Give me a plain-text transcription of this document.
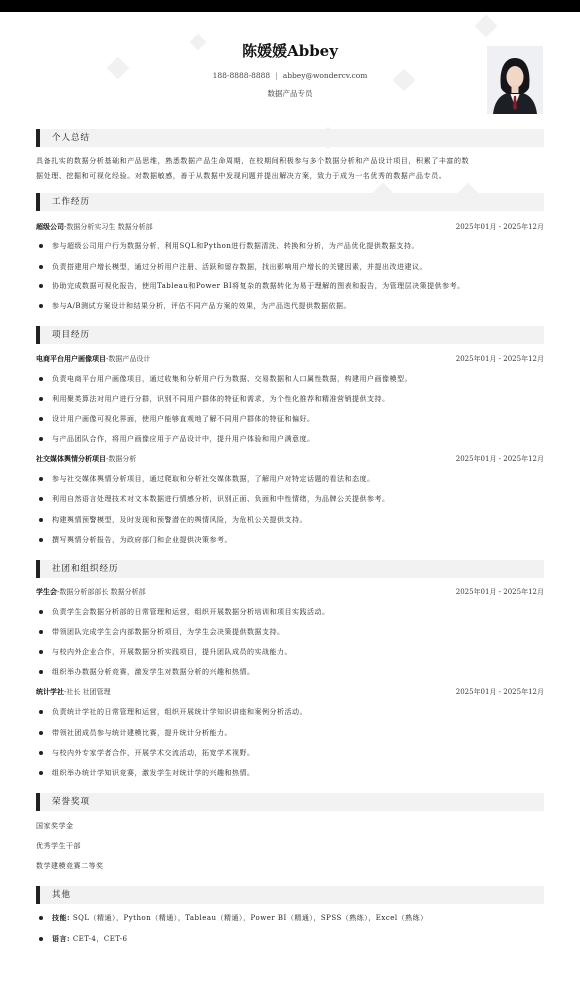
陈媛媛Abbey
188-8888-8888 | abbey@wondercv.com
数据产品专员
个人总结
具备扎实的数据分析基础和产品思维，熟悉数据产品生命周期，在校期间积极参与多个数据分析和产品设计项目，积累了丰富的数
据处理、挖掘和可视化经验。对数据敏感，善于从数据中发现问题并提出解决方案，致力于成为一名优秀的数据产品专员。
工作经历
超级公司-数据分析实习生 数据分析部	2025年01月 - 2025年12月
参与超级公司用户行为数据分析，利用SQL和Python进行数据清洗、转换和分析，为产品优化提供数据支持。
负责搭建用户增长模型，通过分析用户注册、活跃和留存数据，找出影响用户增长的关键因素，并提出改进建议。
协助完成数据可视化报告，使用Tableau和Power BI将复杂的数据转化为易于理解的图表和报告，为管理层决策提供参考。
参与A/B测试方案设计和结果分析，评估不同产品方案的效果，为产品迭代提供数据依据。
项目经历
电商平台用户画像项目-数据产品设计	2025年01月 - 2025年12月
负责电商平台用户画像项目，通过收集和分析用户行为数据、交易数据和人口属性数据，构建用户画像模型。
利用聚类算法对用户进行分群，识别不同用户群体的特征和需求，为个性化推荐和精准营销提供支持。
设计用户画像可视化界面，使用户能够直观地了解不同用户群体的特征和偏好。
与产品团队合作，将用户画像应用于产品设计中，提升用户体验和用户满意度。
社交媒体舆情分析项目-数据分析	2025年01月 - 2025年12月
参与社交媒体舆情分析项目，通过爬取和分析社交媒体数据，了解用户对特定话题的看法和态度。
利用自然语言处理技术对文本数据进行情感分析，识别正面、负面和中性情绪，为品牌公关提供参考。
构建舆情预警模型，及时发现和预警潜在的舆情风险，为危机公关提供支持。
撰写舆情分析报告，为政府部门和企业提供决策参考。
社团和组织经历
学生会-数据分析部部长 数据分析部	2025年01月 - 2025年12月
负责学生会数据分析部的日常管理和运营，组织开展数据分析培训和项目实践活动。
带领团队完成学生会内部数据分析项目，为学生会决策提供数据支持。
与校内外企业合作，开展数据分析实践项目，提升团队成员的实战能力。
组织举办数据分析竞赛，激发学生对数据分析的兴趣和热情。
统计学社-社长 社团管理	2025年01月 - 2025年12月
负责统计学社的日常管理和运营，组织开展统计学知识讲座和案例分析活动。
带领社团成员参与统计建模比赛，提升统计分析能力。
与校内外专家学者合作，开展学术交流活动，拓宽学术视野。
组织举办统计学知识竞赛，激发学生对统计学的兴趣和热情。
荣誉奖项
国家奖学金
优秀学生干部
数学建模竞赛二等奖
其他
技能: SQL（精通），Python（精通），Tableau（精通），Power BI（精通），SPSS（熟练），Excel（熟练）
语言: CET-4，CET-6
